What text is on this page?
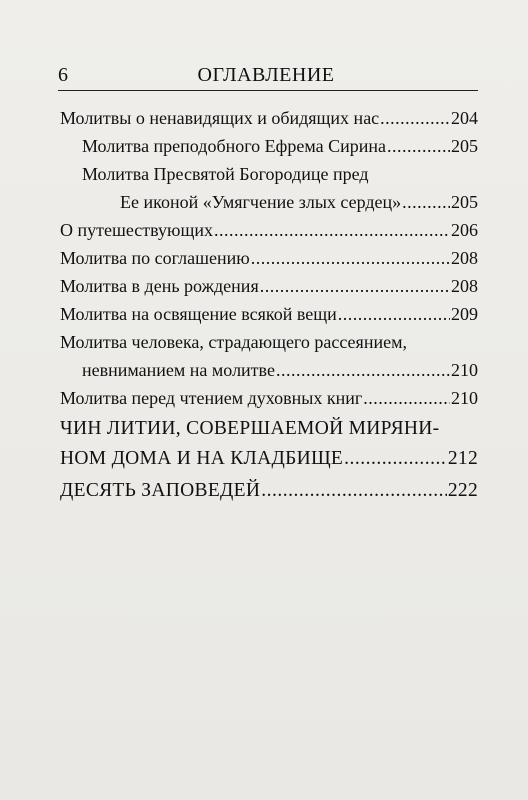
6	ОГЛАВЛЕНИЕ
Молитвы о ненавидящих и обидящих нас .....	204
Молитва преподобного Ефрема Сирина .....	205
Молитва Пресвятой Богородице пред
Ее иконой «Умягчение злых сердец» .....	205
О путешествующих .....	206
Молитва по соглашению .....	208
Молитва в день рождения .....	208
Молитва на освящение всякой вещи .....	209
Молитва человека, страдающего рассеянием,
невниманием на молитве .....	210
Молитва перед чтением духовных книг .....	210
ЧИН ЛИТИИ, СОВЕРШАЕМОЙ МИРЯНИ-
НОМ ДОМА И НА КЛАДБИЩЕ .....	212
ДЕСЯТЬ ЗАПОВЕДЕЙ .....	222
